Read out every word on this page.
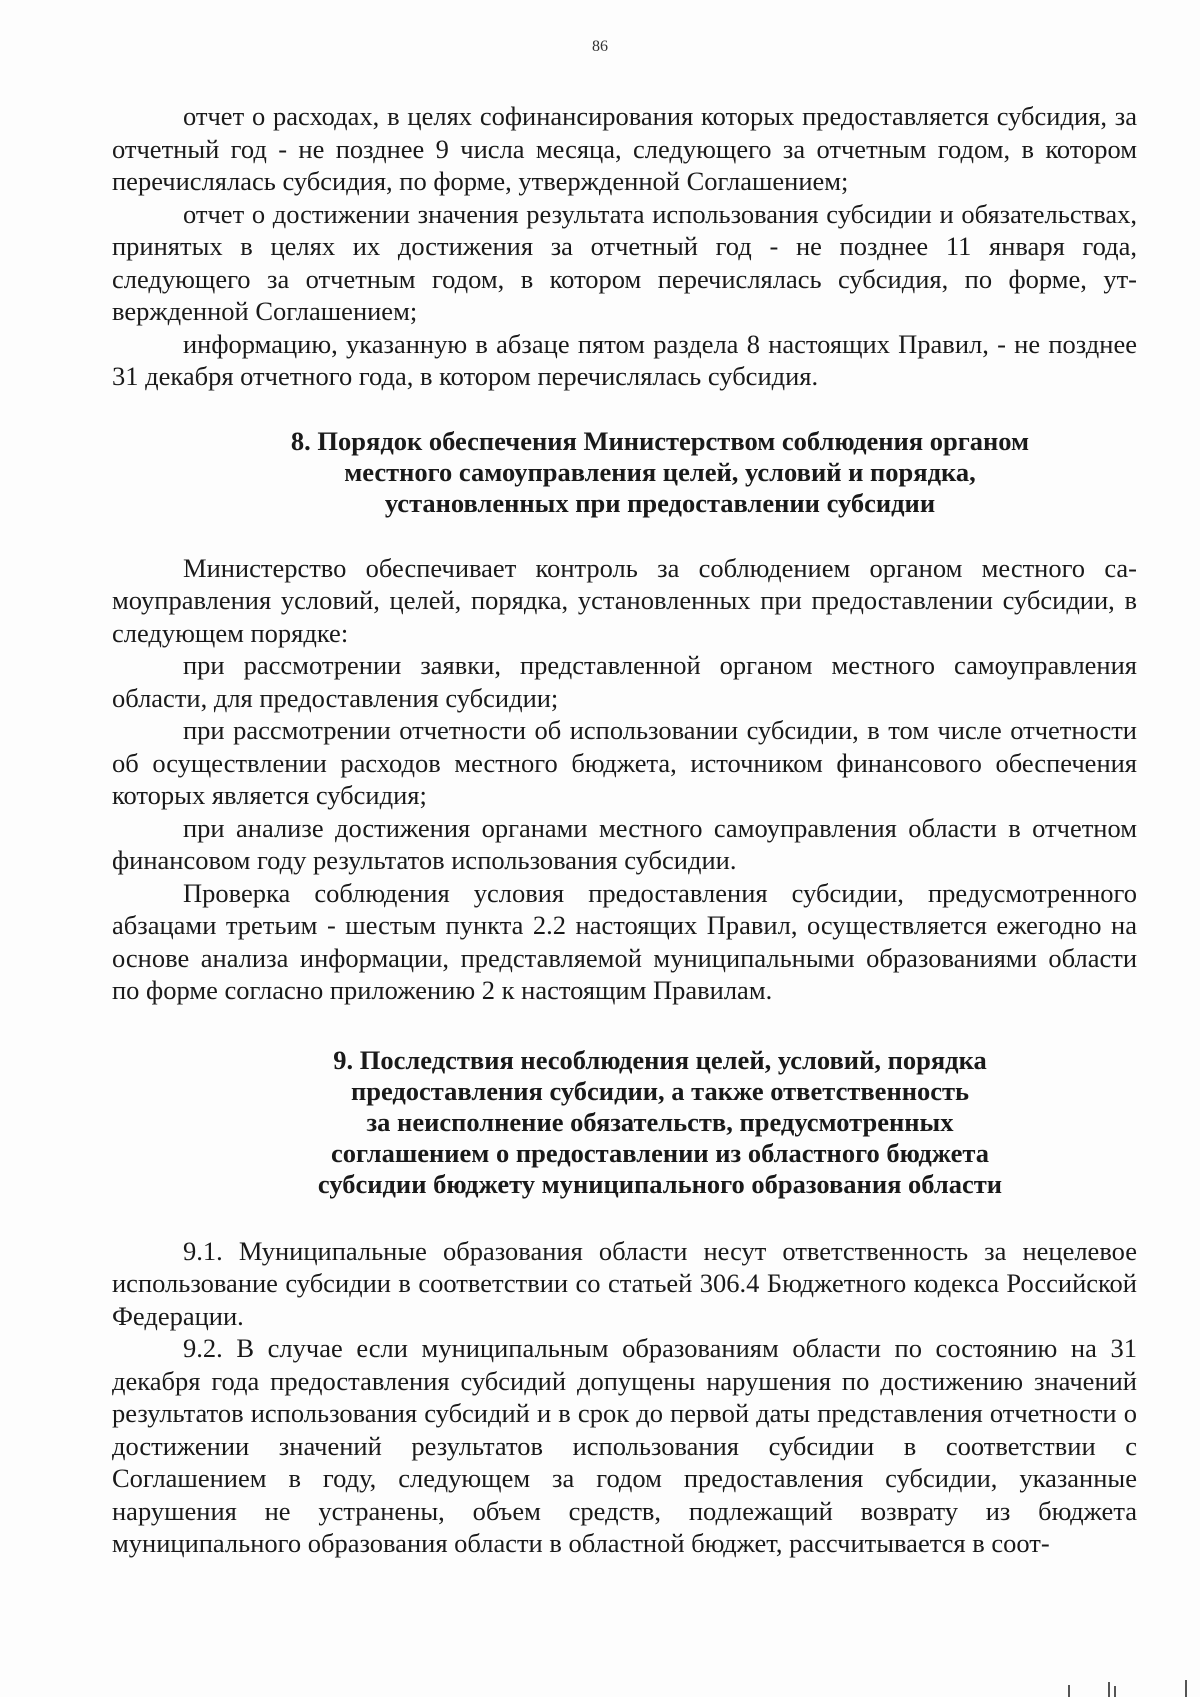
86

отчет о расходах, в целях софинансирования которых предоставляется субсидия, за отчетный год - не позднее 9 числа месяца, следующего за отчетным годом, в котором перечислялась субсидия, по форме, утвержденной Соглашением;

отчет о достижении значения результата использования субсидии и обязательствах, принятых в целях их достижения за отчетный год - не позднее 11 января года, следующего за отчетным годом, в котором перечислялась субсидия, по форме, утвержденной Соглашением;

информацию, указанную в абзаце пятом раздела 8 настоящих Правил, - не позднее 31 декабря отчетного года, в котором перечислялась субсидия.

8. Порядок обеспечения Министерством соблюдения органом
местного самоуправления целей, условий и порядка,
установленных при предоставлении субсидии

Министерство обеспечивает контроль за соблюдением органом местного самоуправления условий, целей, порядка, установленных при предоставлении субсидии, в следующем порядке:

при рассмотрении заявки, представленной органом местного самоуправления области, для предоставления субсидии;

при рассмотрении отчетности об использовании субсидии, в том числе отчетности об осуществлении расходов местного бюджета, источником финансового обеспечения которых является субсидия;

при анализе достижения органами местного самоуправления области в отчетном финансовом году результатов использования субсидии.

Проверка соблюдения условия предоставления субсидии, предусмотренного абзацами третьим - шестым пункта 2.2 настоящих Правил, осуществляется ежегодно на основе анализа информации, представляемой муниципальными образованиями области по форме согласно приложению 2 к настоящим Правилам.

9. Последствия несоблюдения целей, условий, порядка
предоставления субсидии, а также ответственность
за неисполнение обязательств, предусмотренных
соглашением о предоставлении из областного бюджета
субсидии бюджету муниципального образования области

9.1. Муниципальные образования области несут ответственность за нецелевое использование субсидии в соответствии со статьей 306.4 Бюджетного кодекса Российской Федерации.

9.2. В случае если муниципальным образованиям области по состоянию на 31 декабря года предоставления субсидий допущены нарушения по достижению значений результатов использования субсидий и в срок до первой даты представления отчетности о достижении значений результатов использования субсидии в соответствии с Соглашением в году, следующем за годом предоставления субсидии, указанные нарушения не устранены, объем средств, подлежащий возврату из бюджета муниципального образования области в областной бюджет, рассчитывается в соот-
